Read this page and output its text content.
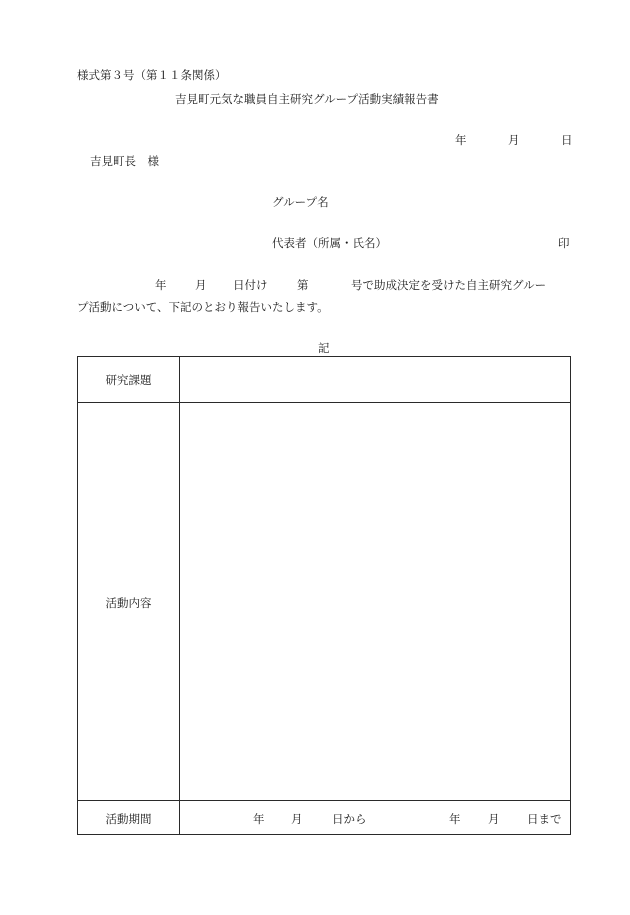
様式第３号（第１１条関係）
吉見町元気な職員自主研究グループ活動実績報告書
年	月	日
吉見町長　様
グループ名
代表者（所属・氏名）	印
年 月 日付け	第	号で助成決定を受けた自主研究グルー
プ活動について、下記のとおり報告いたします。
記
研究課題
活動内容
活動期間	年 月	日から	年 月 日まで
